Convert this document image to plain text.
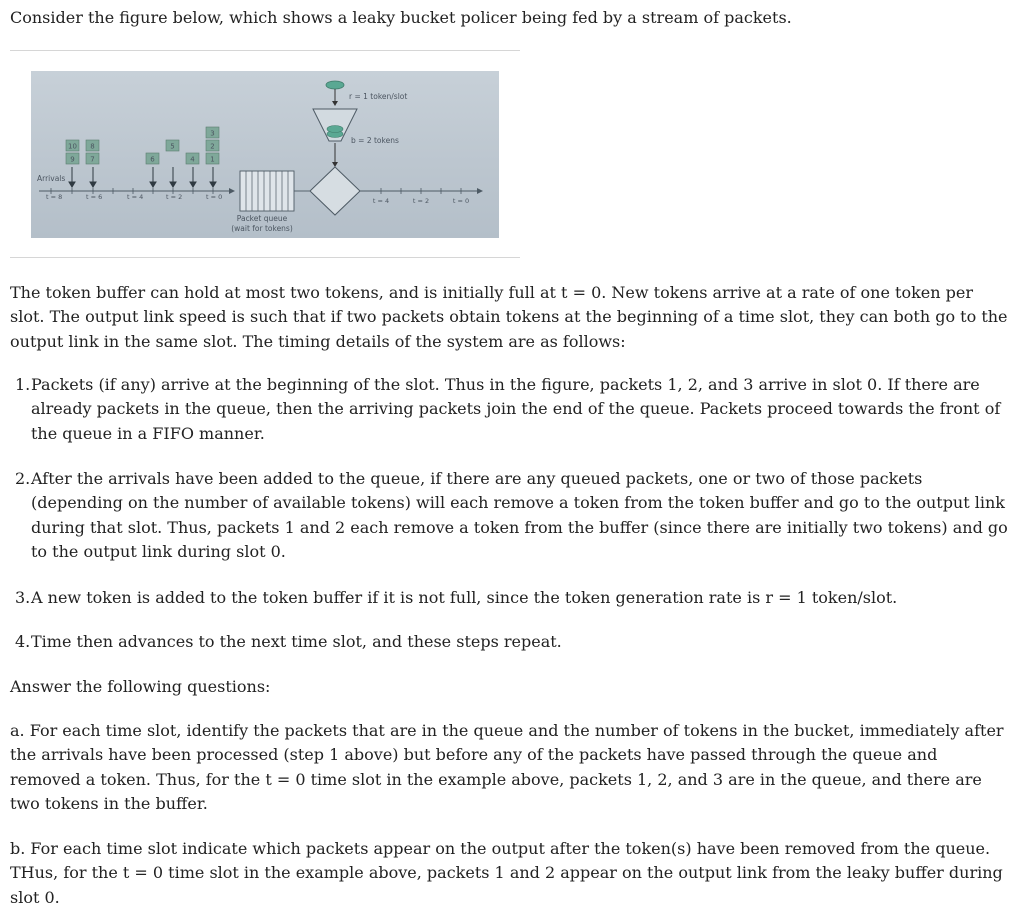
Consider the figure below, which shows a leaky bucket policer being fed by a stream of packets.
r = 1 token/slot
b = 2 tokens
Arrivals
t = 8	t = 6	t = 4	t = 2	t = 0
10 8
9 7	6
5
4
3
2
1
Packet queue
(wait for tokens)
t = 4	t = 2	t = 0
The token buffer can hold at most two tokens, and is initially full at t = 0. New tokens arrive at a rate of one token per slot. The output link speed is such that if two packets obtain tokens at the beginning of a time slot, they can both go to the output link in the same slot. The timing details of the system are as follows:
1. Packets (if any) arrive at the beginning of the slot. Thus in the figure, packets 1, 2, and 3 arrive in slot 0. If there are already packets in the queue, then the arriving packets join the end of the queue. Packets proceed towards the front of the queue in a FIFO manner.
2. After the arrivals have been added to the queue, if there are any queued packets, one or two of those packets (depending on the number of available tokens) will each remove a token from the token buffer and go to the output link during that slot. Thus, packets 1 and 2 each remove a token from the buffer (since there are initially two tokens) and go to the output link during slot 0.
3. A new token is added to the token buffer if it is not full, since the token generation rate is r = 1 token/slot.
4. Time then advances to the next time slot, and these steps repeat.
Answer the following questions:
a. For each time slot, identify the packets that are in the queue and the number of tokens in the bucket, immediately after the arrivals have been processed (step 1 above) but before any of the packets have passed through the queue and removed a token. Thus, for the t = 0 time slot in the example above, packets 1, 2, and 3 are in the queue, and there are two tokens in the buffer.
b. For each time slot indicate which packets appear on the output after the token(s) have been removed from the queue. THus, for the t = 0 time slot in the example above, packets 1 and 2 appear on the output link from the leaky buffer during slot 0.
